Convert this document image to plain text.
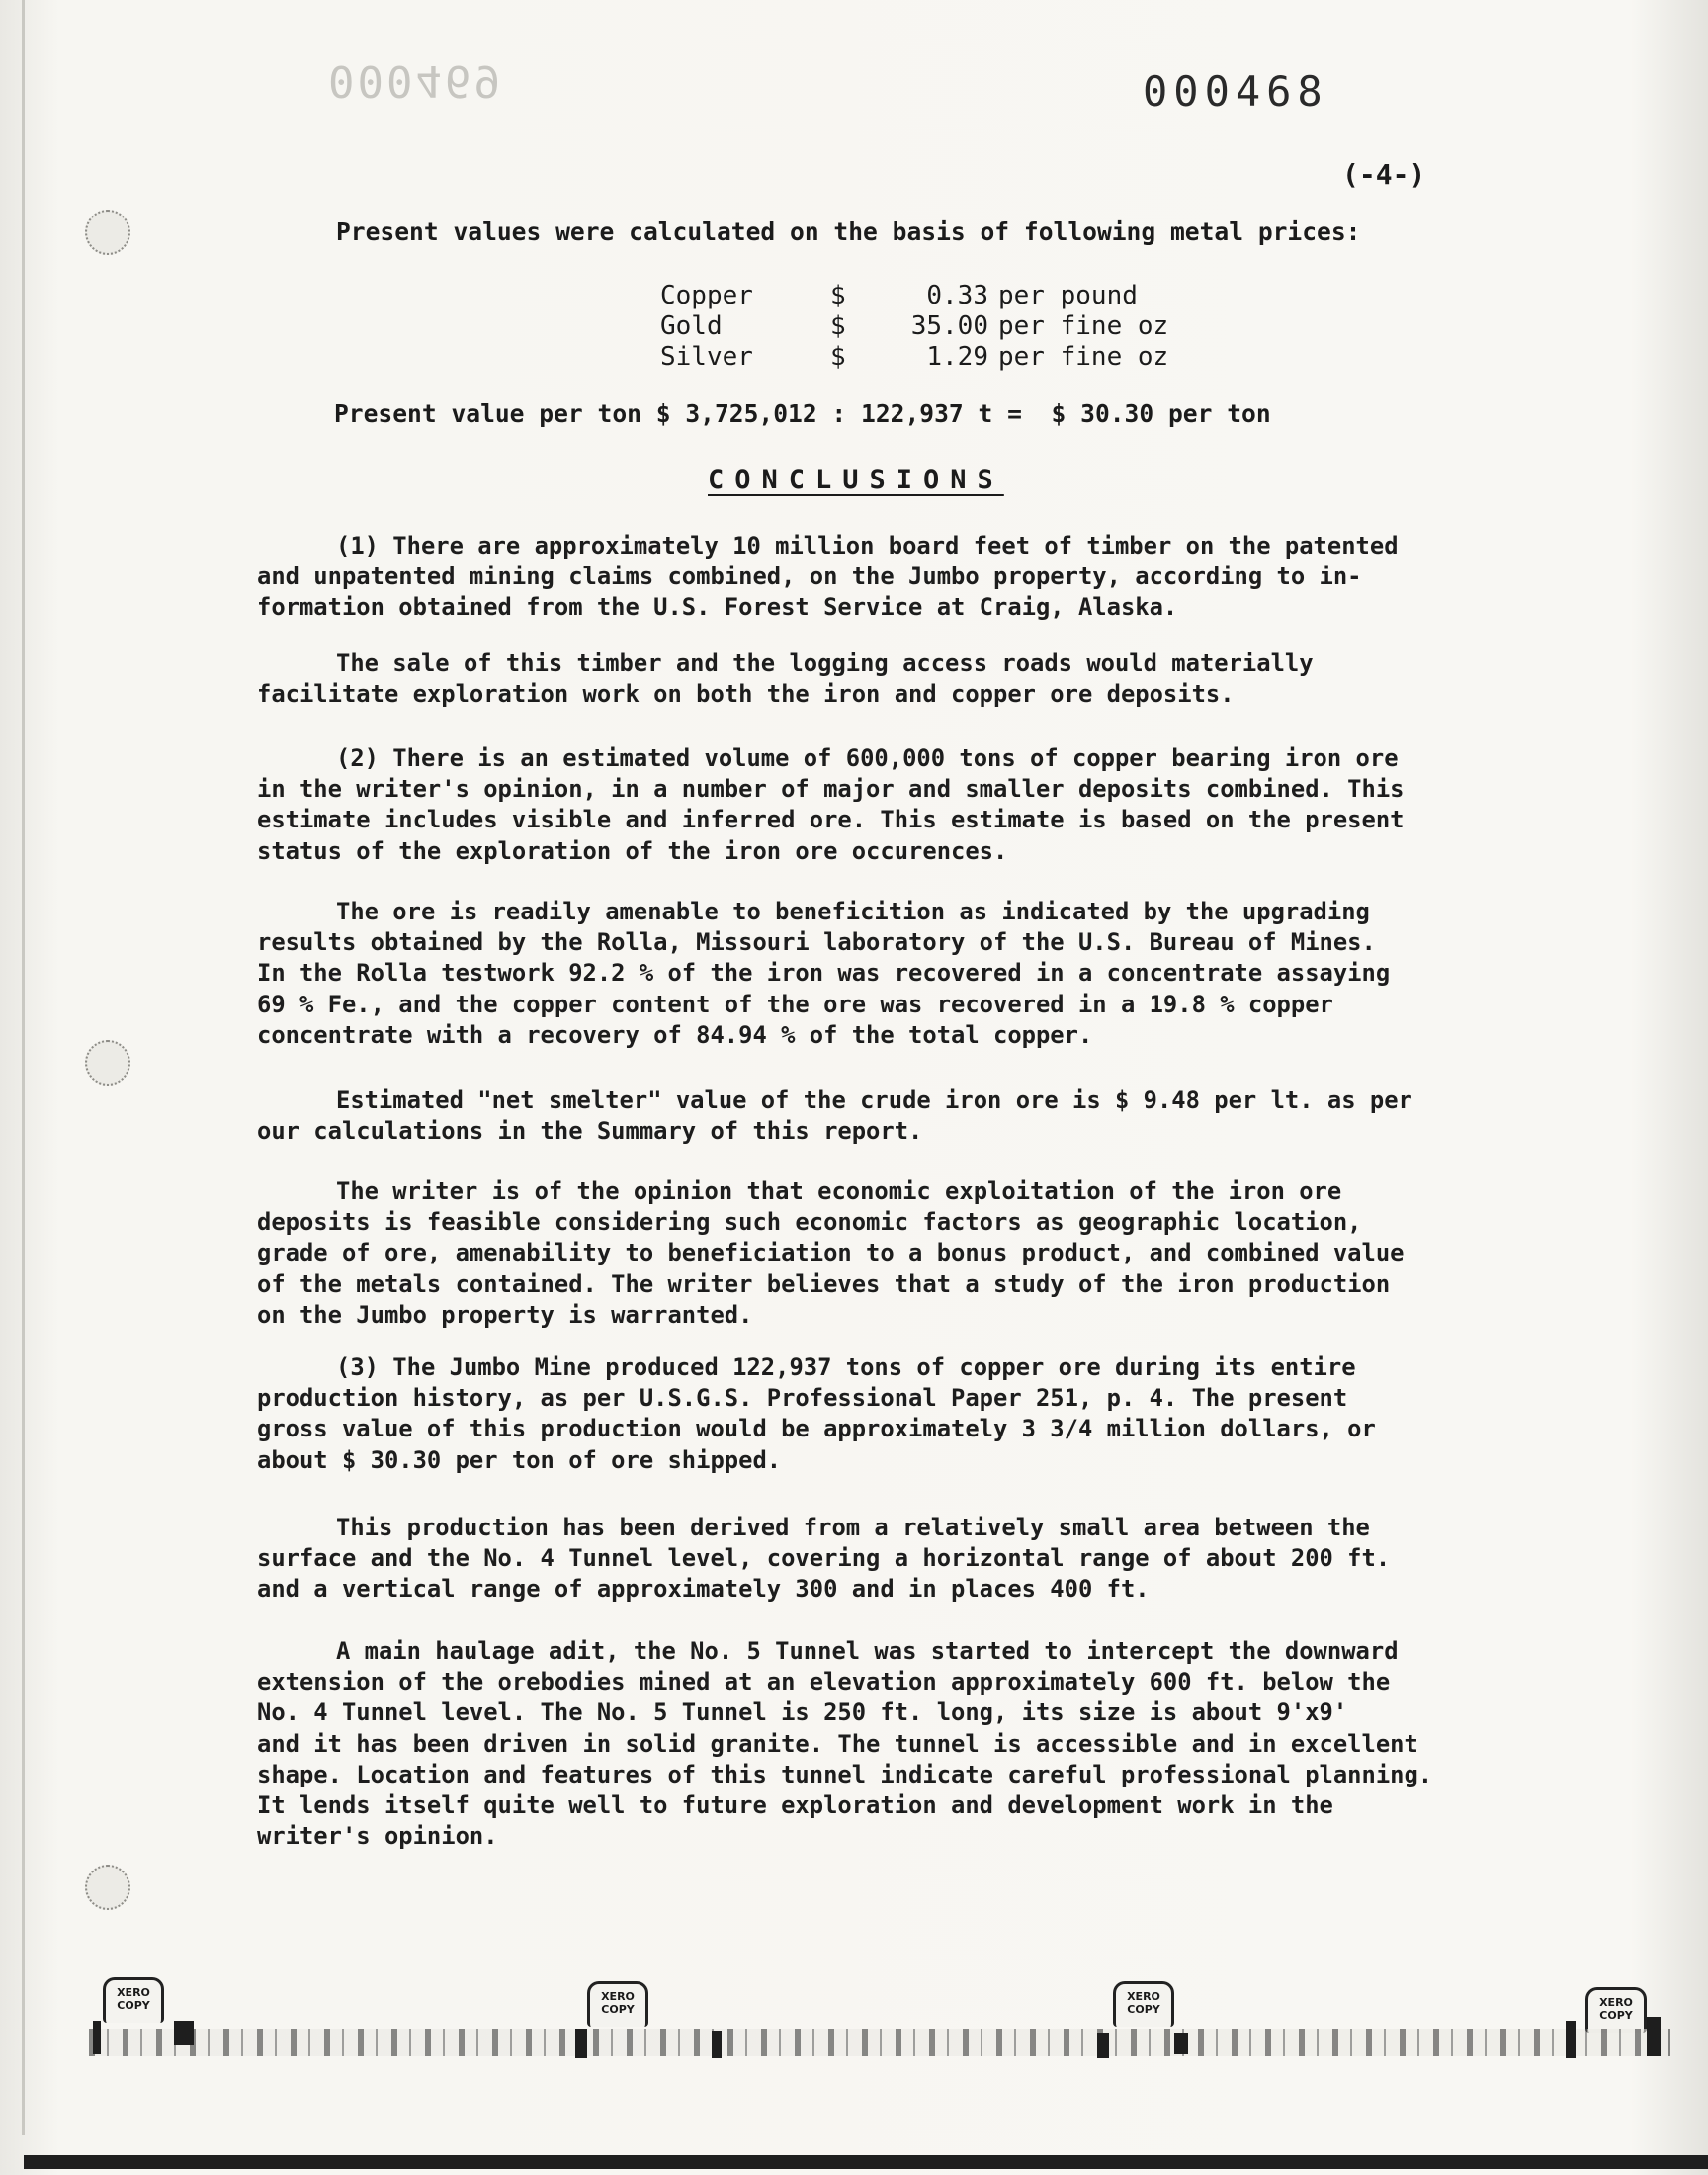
000469	000468
(-4-)
Present values were calculated on the basis of following metal prices:
Copper	$	0.33	per pound
Gold	$	35.00	per fine oz
Silver	$	1.29	per fine oz
Present value per ton $ 3,725,012 : 122,937 t =  $ 30.30 per ton
CONCLUSIONS

(1) There are approximately 10 million board feet of timber on the patented
and unpatented mining claims combined, on the Jumbo property, according to in-
formation obtained from the U.S. Forest Service at Craig, Alaska.

The sale of this timber and the logging access roads would materially
facilitate exploration work on both the iron and copper ore deposits.

(2) There is an estimated volume of 600,000 tons of copper bearing iron ore
in the writer's opinion, in a number of major and smaller deposits combined. This
estimate includes visible and inferred ore. This estimate is based on the present
status of the exploration of the iron ore occurences.

The ore is readily amenable to beneficition as indicated by the upgrading
results obtained by the Rolla, Missouri laboratory of the U.S. Bureau of Mines.
In the Rolla testwork 92.2 % of the iron was recovered in a concentrate assaying
69 % Fe., and the copper content of the ore was recovered in a 19.8 % copper
concentrate with a recovery of 84.94 % of the total copper.

Estimated "net smelter" value of the crude iron ore is $ 9.48 per lt. as per
our calculations in the Summary of this report.

The writer is of the opinion that economic exploitation of the iron ore
deposits is feasible considering such economic factors as geographic location,
grade of ore, amenability to beneficiation to a bonus product, and combined value
of the metals contained. The writer believes that a study of the iron production
on the Jumbo property is warranted.

(3) The Jumbo Mine produced 122,937 tons of copper ore during its entire
production history, as per U.S.G.S. Professional Paper 251, p. 4. The present
gross value of this production would be approximately 3 3/4 million dollars, or
about $ 30.30 per ton of ore shipped.

This production has been derived from a relatively small area between the
surface and the No. 4 Tunnel level, covering a horizontal range of about 200 ft.
and a vertical range of approximately 300 and in places 400 ft.

A main haulage adit, the No. 5 Tunnel was started to intercept the downward
extension of the orebodies mined at an elevation approximately 600 ft. below the
No. 4 Tunnel level. The No. 5 Tunnel is 250 ft. long, its size is about 9'x9'
and it has been driven in solid granite. The tunnel is accessible and in excellent
shape. Location and features of this tunnel indicate careful professional planning.
It lends itself quite well to future exploration and development work in the
writer's opinion.

XERO COPY
XERO COPY
XERO COPY
XERO COPY
